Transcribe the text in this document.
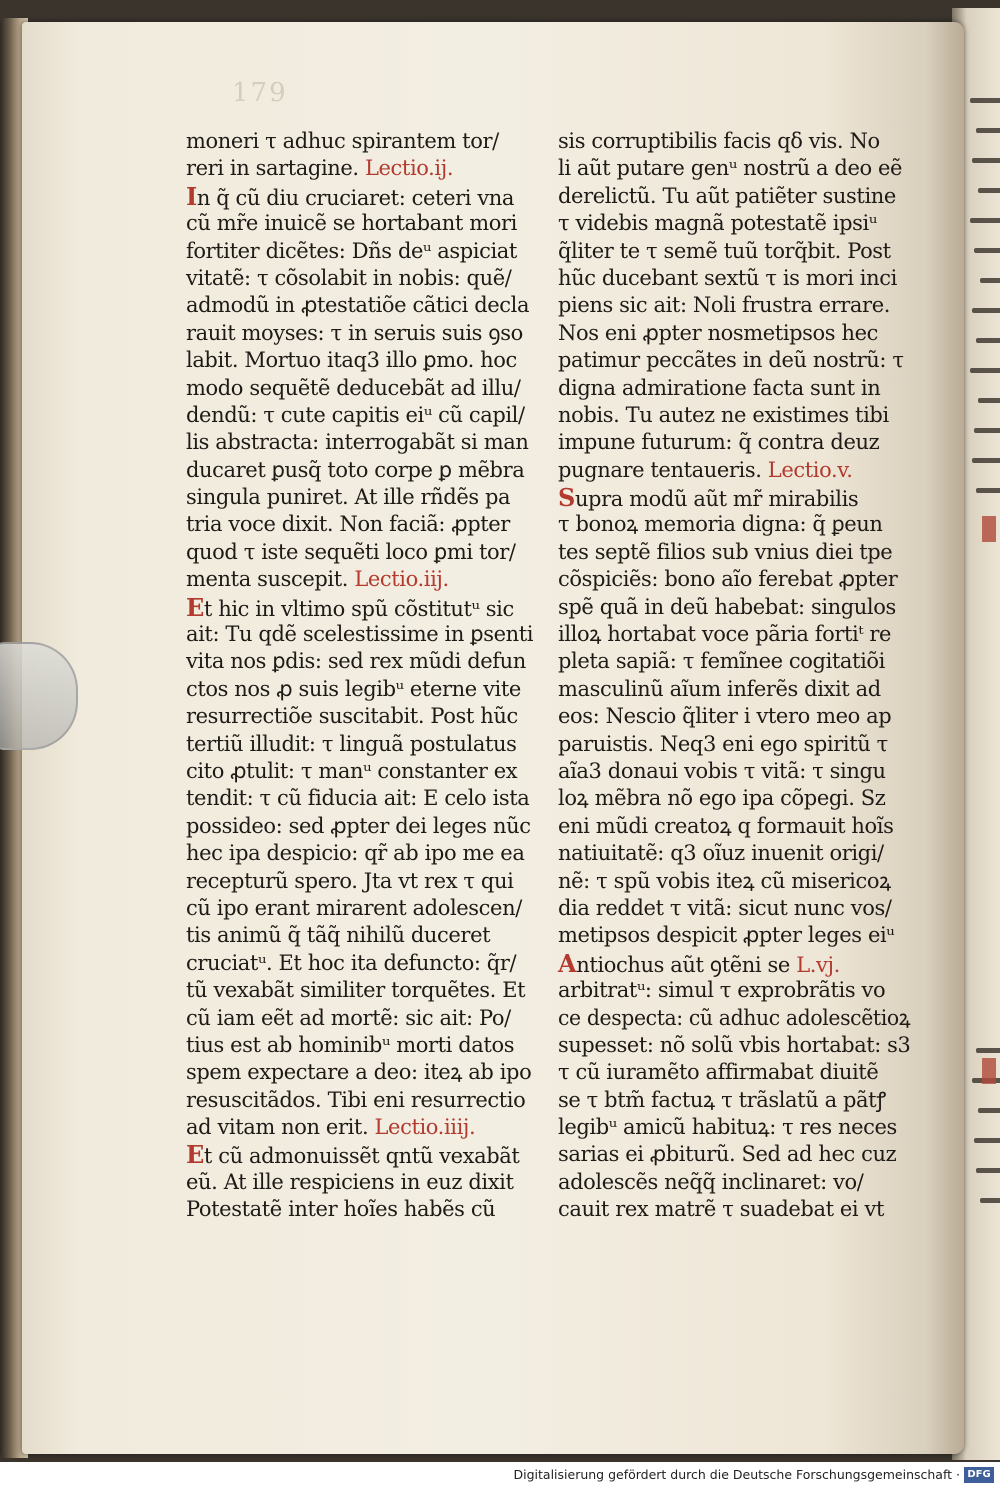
179
moneri τ adhuc spirantem tor/
reri in sartagine. Lectio.ij.
In q̃ cũ diu cruciaret: ceteri vna
cũ mr̃e inuicẽ se hortabant mori
fortiter dicẽtes: Dñs deᵘ aspiciat
vitatẽ: τ cõsolabit in nobis: quẽ/
admodũ in ꝓtestatiõe cãtici decla
rauit moyses: τ in seruis suis ꝯso
labit. Mortuo itaq3 illo ꝑmo. hoc
modo sequẽtẽ deducebãt ad illu/
dendũ: τ cute capitis eiᵘ cũ capil/
lis abstracta: interrogabãt si man
ducaret ꝑusq̃ toto corpe ꝑ mẽbra
singula puniret. At ille rñdẽs pa
tria voce dixit. Non faciã: ꝓpter
quod τ iste sequẽti loco ꝑmi tor/
menta suscepit. Lectio.iij.
Et hic in vltimo spũ cõstitutᵘ sic
ait: Tu qdẽ scelestissime in ꝑsenti
vita nos ꝑdis: sed rex mũdi defun
ctos nos ꝓ suis legibᵘ eterne vite
resurrectiõe suscitabit. Post hũc
tertiũ illudit: τ linguã postulatus
cito ꝓtulit: τ manᵘ constanter ex
tendit: τ cũ fiducia ait: E celo ista
possideo: sed ꝓpter dei leges nũc
hec ipa despicio: qr̃ ab ipo me ea
recepturũ spero. Jta vt rex τ qui
cũ ipo erant mirarent adolescen/
tis animũ q̃ tãq̃ nihilũ duceret
cruciatᵘ. Et hoc ita defuncto: q̃r/
tũ vexabãt similiter torquẽtes. Et
cũ iam eẽt ad mortẽ: sic ait: Po/
tius est ab hominibᵘ morti datos
spem expectare a deo: iteꝝ ab ipo
resuscitãdos. Tibi eni resurrectio
ad vitam non erit. Lectio.iiij.
Et cũ admonuissẽt qntũ vexabãt
eũ. At ille respiciens in euz dixit
Potestatẽ inter hoĩes habẽs cũ
sis corruptibilis facis qδ vis. No
li aũt putare genᵘ nostrũ a deo eẽ
derelictũ. Tu aũt patiẽter sustine
τ videbis magnã potestatẽ ipsiᵘ
q̃liter te τ semẽ tuũ torq̃bit. Post
hũc ducebant sextũ τ is mori inci
piens sic ait: Noli frustra errare.
Nos eni ꝓpter nosmetipsos hec
patimur peccãtes in deũ nostrũ: τ
digna admiratione facta sunt in
nobis. Tu autez ne existimes tibi
impune futurum: q̃ contra deuz
pugnare tentaueris. Lectio.v.
Supra modũ aũt mr̃ mirabilis
τ bonoꝝ memoria digna: q̃ ꝑeun
tes septẽ filios sub vnius diei tpe
cõspiciẽs: bono aĩo ferebat ꝓpter
spẽ quã in deũ habebat: singulos
illoꝝ hortabat voce pãria fortiᵗ re
pleta sapiã: τ femĩnee cogitatiõi
masculinũ aĩum inferẽs dixit ad
eos: Nescio q̃liter i vtero meo ap
paruistis. Neq3 eni ego spiritũ τ
aĩa3 donaui vobis τ vitã: τ singu
loꝝ mẽbra nõ ego ipa cõpegi. Sz
eni mũdi creatoꝝ q formauit hoĩs
natiuitatẽ: q3 oĩuz inuenit origi/
nẽ: τ spũ vobis iteꝝ cũ misericoꝝ
dia reddet τ vitã: sicut nunc vos/
metipsos despicit ꝓpter leges eiᵘ
Antiochus aũt ꝯtẽni se L.vj.
arbitratᵘ: simul τ exprobrãtis vo
ce despecta: cũ adhuc adolescẽtioꝝ
supesset: nõ solũ vbis hortabat: s3
τ cũ iuramẽto affirmabat diuitẽ
se τ btm̃ factuꝝ τ trãslatũ a pãtꝭ
legibᵘ amicũ habituꝝ: τ res neces
sarias ei ꝓbiturũ. Sed ad hec cuz
adolescẽs neq̃q̃ inclinaret: vo/
cauit rex matrẽ τ suadebat ei vt
Digitalisierung gefördert durch die Deutsche Forschungsgemeinschaft · DFG
